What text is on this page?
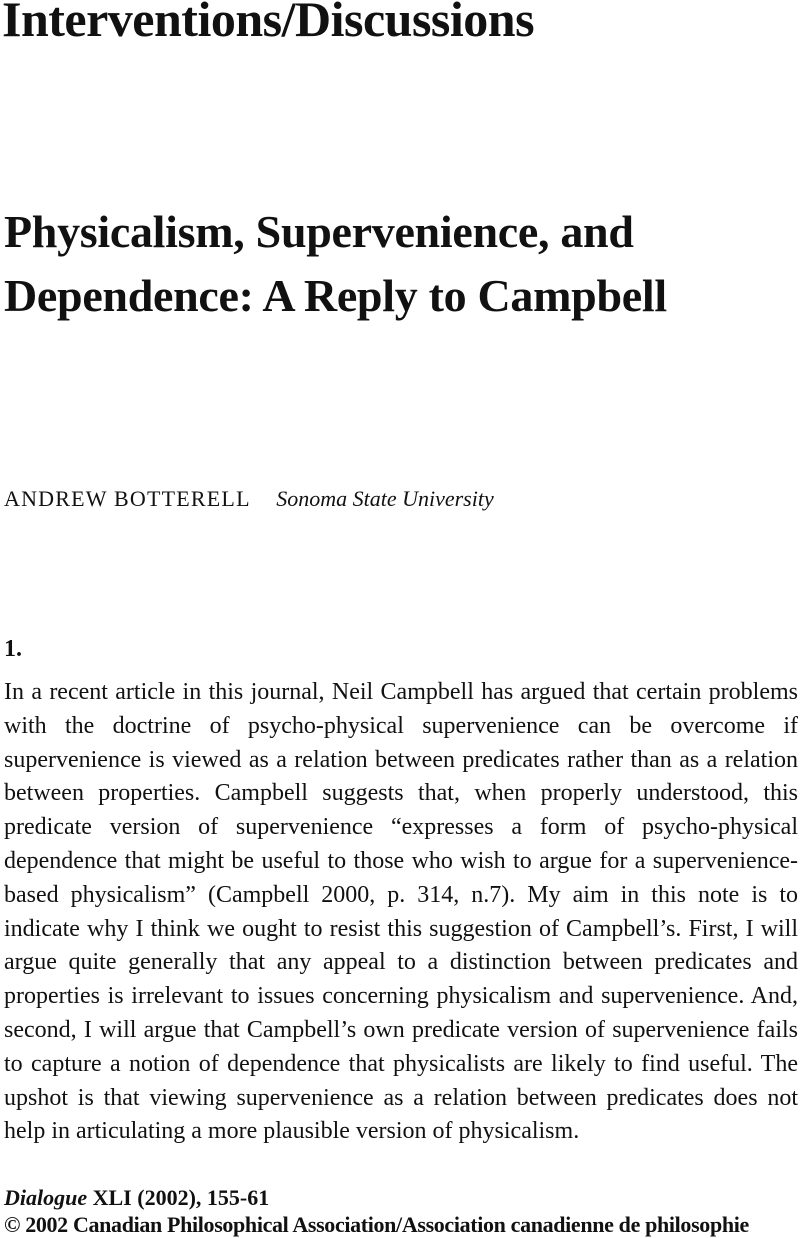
Interventions/Discussions
Physicalism, Supervenience, and
Dependence: A Reply to Campbell
ANDREW BOTTERELL Sonoma State University
1.

In a recent article in this journal, Neil Campbell has argued that certain problems with the doctrine of psycho-physical supervenience can be overcome if supervenience is viewed as a relation between predicates rather than as a relation between properties. Campbell suggests that, when properly understood, this predicate version of supervenience “expresses a form of psycho-physical dependence that might be useful to those who wish to argue for a supervenience-based physicalism” (Campbell 2000, p. 314, n.7). My aim in this note is to indicate why I think we ought to resist this suggestion of Campbell’s. First, I will argue quite generally that any appeal to a distinction between predicates and properties is irrelevant to issues concerning physicalism and supervenience. And, second, I will argue that Campbell’s own predicate version of supervenience fails to capture a notion of dependence that physicalists are likely to find useful. The upshot is that viewing supervenience as a relation between predicates does not help in articulating a more plausible version of physicalism.

Dialogue XLI (2002), 155-61
© 2002 Canadian Philosophical Association/Association canadienne de philosophie
